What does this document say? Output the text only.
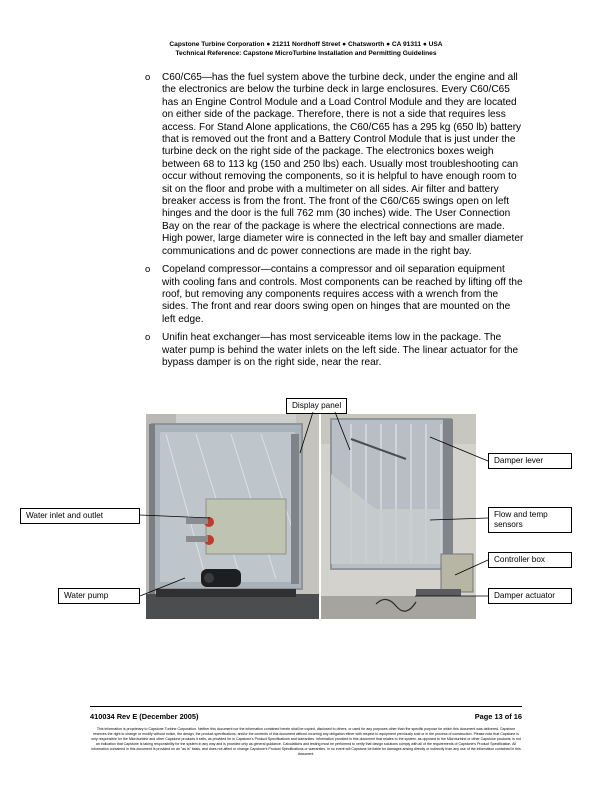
Capstone Turbine Corporation ● 21211 Nordhoff Street ● Chatsworth ● CA 91311 ● USA
Technical Reference: Capstone MicroTurbine Installation and Permitting Guidelines
o C60/C65—has the fuel system above the turbine deck, under the engine and all the electronics are below the turbine deck in large enclosures. Every C60/C65 has an Engine Control Module and a Load Control Module and they are located on either side of the package. Therefore, there is not a side that requires less access. For Stand Alone applications, the C60/C65 has a 295 kg (650 lb) battery that is removed out the front and a Battery Control Module that is just under the turbine deck on the right side of the package. The electronics boxes weigh between 68 to 113 kg (150 and 250 lbs) each. Usually most troubleshooting can occur without removing the components, so it is helpful to have enough room to sit on the floor and probe with a multimeter on all sides. Air filter and battery breaker access is from the front. The front of the C60/C65 swings open on left hinges and the door is the full 762 mm (30 inches) wide. The User Connection Bay on the rear of the package is where the electrical connections are made. High power, large diameter wire is connected in the left bay and smaller diameter communications and dc power connections are made in the right bay.
o Copeland compressor—contains a compressor and oil separation equipment with cooling fans and controls. Most components can be reached by lifting off the roof, but removing any components requires access with a wrench from the sides. The front and rear doors swing open on hinges that are mounted on the left edge.
o Unifin heat exchanger—has most serviceable items low in the package. The water pump is behind the water inlets on the left side. The linear actuator for the bypass damper is on the right side, near the rear.
Display panel
Damper lever
Water inlet and outlet	Flow and temp sensors
Controller box
Water pump	Damper actuator
410034 Rev E (December 2005)	Page 13 of 16
This information is proprietary to Capstone Turbine Corporation. Neither this document nor the information contained herein shall be copied, disclosed to others, or used for any purposes other than the specific purpose for which this document was delivered. Capstone reserves the right to change or modify without notice, the design, the product specifications, and/or the contents of this document without incurring any obligation either with respect to equipment previously sold or in the process of construction. Please note that Capstone is only responsible for the Microturbine and other Capstone products it sells, as provided for in Capstone's Product Specifications and warranties. Information provided in this document that relates to the system, as opposed to the Microturbine or other Capstone products, is not an indication that Capstone is taking responsibility for the system in any way and is provided only as general guidance. Calculations and testing must be performed to verify that design solutions comply with all of the requirements of Capstone's Product Specification. All information contained in this document is provided on an "as is" basis, and does not affect or change Capstone's Product Specifications or warranties. In no event will Capstone be liable for damages arising directly or indirectly from any use of the information contained in this document.
